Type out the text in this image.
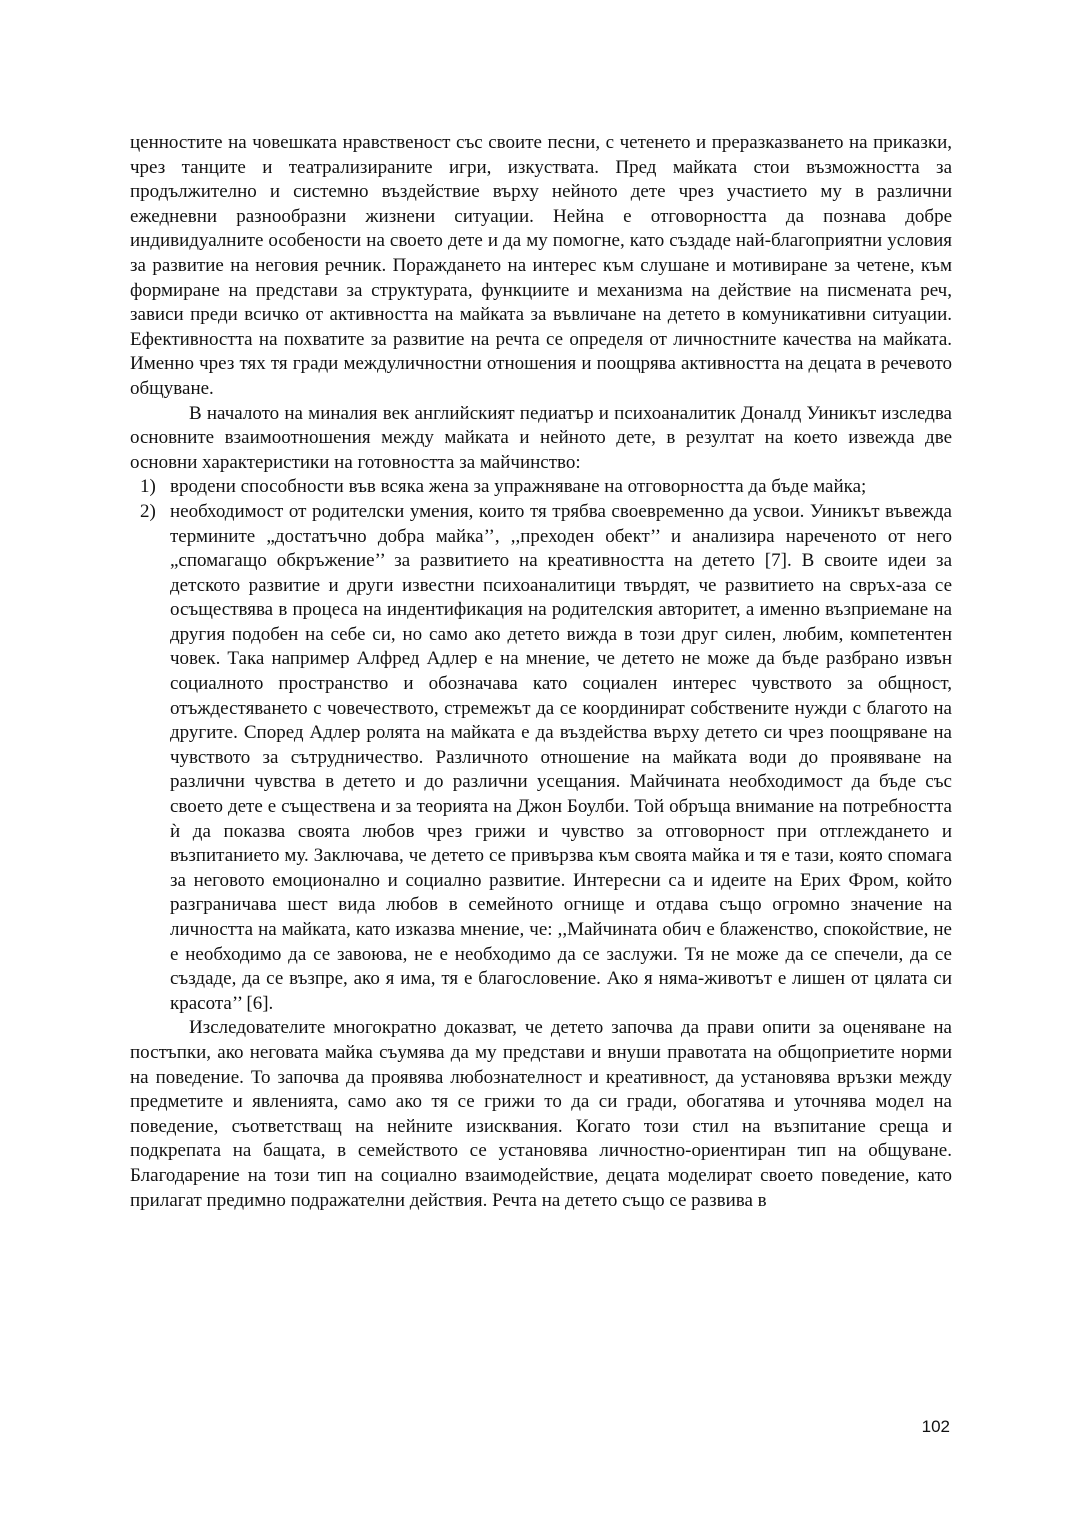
ценностите на човешката нравственост със своите песни, с четенето и преразказването на приказки, чрез танците и театрализираните игри, изкуствата. Пред майката стои възможността за продължително и системно въздействие върху нейното дете чрез участието му в различни ежедневни разнообразни жизнени ситуации. Нейна е отговорността да познава добре индивидуалните особености на своето дете и да му помогне, като създаде най-благоприятни условия за развитие на неговия речник. Пораждането на интерес към слушане и мотивиране за четене, към формиране на представи за структурата, функциите и механизма на действие на писмената реч, зависи преди всичко от активността на майката за въвличане на детето в комуникативни ситуации. Ефективността на похватите за развитие на речта се определя от личностните качества на майката. Именно чрез тях тя гради междуличностни отношения и поощрява активността на децата в речевото общуване.

В началото на миналия век английският педиатър и психоаналитик Доналд Уиникът изследва основните взаимоотношения между майката и нейното дете, в резултат на което извежда две основни характеристики на готовността за майчинство:

1) вродени способности във всяка жена за упражняване на отговорността да бъде майка;
2) необходимост от родителски умения, които тя трябва своевременно да усвои. Уиникът въвежда термините „достатъчно добра майка’’, ,,преходен обект’’ и анализира нареченото от него „спомагащо обкръжение’’ за развитието на креативността на детето [7]. В своите идеи за детското развитие и други известни психоаналитици твърдят, че развитието на свръх-аза се осъществява в процеса на индентификация на родителския авторитет, а именно възприемане на другия подобен на себе си, но само ако детето вижда в този друг силен, любим, компетентен човек. Така например Алфред Адлер е на мнение, че детето не може да бъде разбрано извън социалното пространство и обозначава като социален интерес чувството за общност, отъждестяването с човечеството, стремежът да се координират собствените нужди с благото на другите. Според Адлер ролята на майката е да въздейства върху детето си чрез поощряване на чувството за сътрудничество. Различното отношение на майката води до проявяване на различни чувства в детето и до различни усещания. Майчината необходимост да бъде със своето дете е съществена и за теорията на Джон Боулби. Той обръща внимание на потребността ѝ да показва своята любов чрез грижи и чувство за отговорност при отглеждането и възпитанието му. Заключава, че детето се привързва към своята майка и тя е тази, която спомага за неговото емоционално и социално развитие. Интересни са и идеите на Ерих Фром, който разграничава шест вида любов в семейното огнище и отдава също огромно значение на личността на майката, като изказва мнение, че: ,,Майчината обич е блаженство, спокойствие, не е необходимо да се завоюва, не е необходимо да се заслужи. Тя не може да се спечели, да се създаде, да се възпре, ако я има, тя е благословение. Ако я няма-животът е лишен от цялата си красота’’ [6].

Изследователите многократно доказват, че детето започва да прави опити за оценяване на постъпки, ако неговата майка съумява да му представи и внуши правотата на общоприетите норми на поведение. То започва да проявява любознателност и креативност, да установява връзки между предметите и явленията, само ако тя се грижи то да си гради, обогатява и уточнява модел на поведение, съответстващ на нейните изисквания. Когато този стил на възпитание среща и подкрепата на бащата, в семейството се установява личностно-ориентиран тип на общуване. Благодарение на този тип на социално взаимодействие, децата моделират своето поведение, като прилагат предимно подражателни действия. Речта на детето също се развива в

102
